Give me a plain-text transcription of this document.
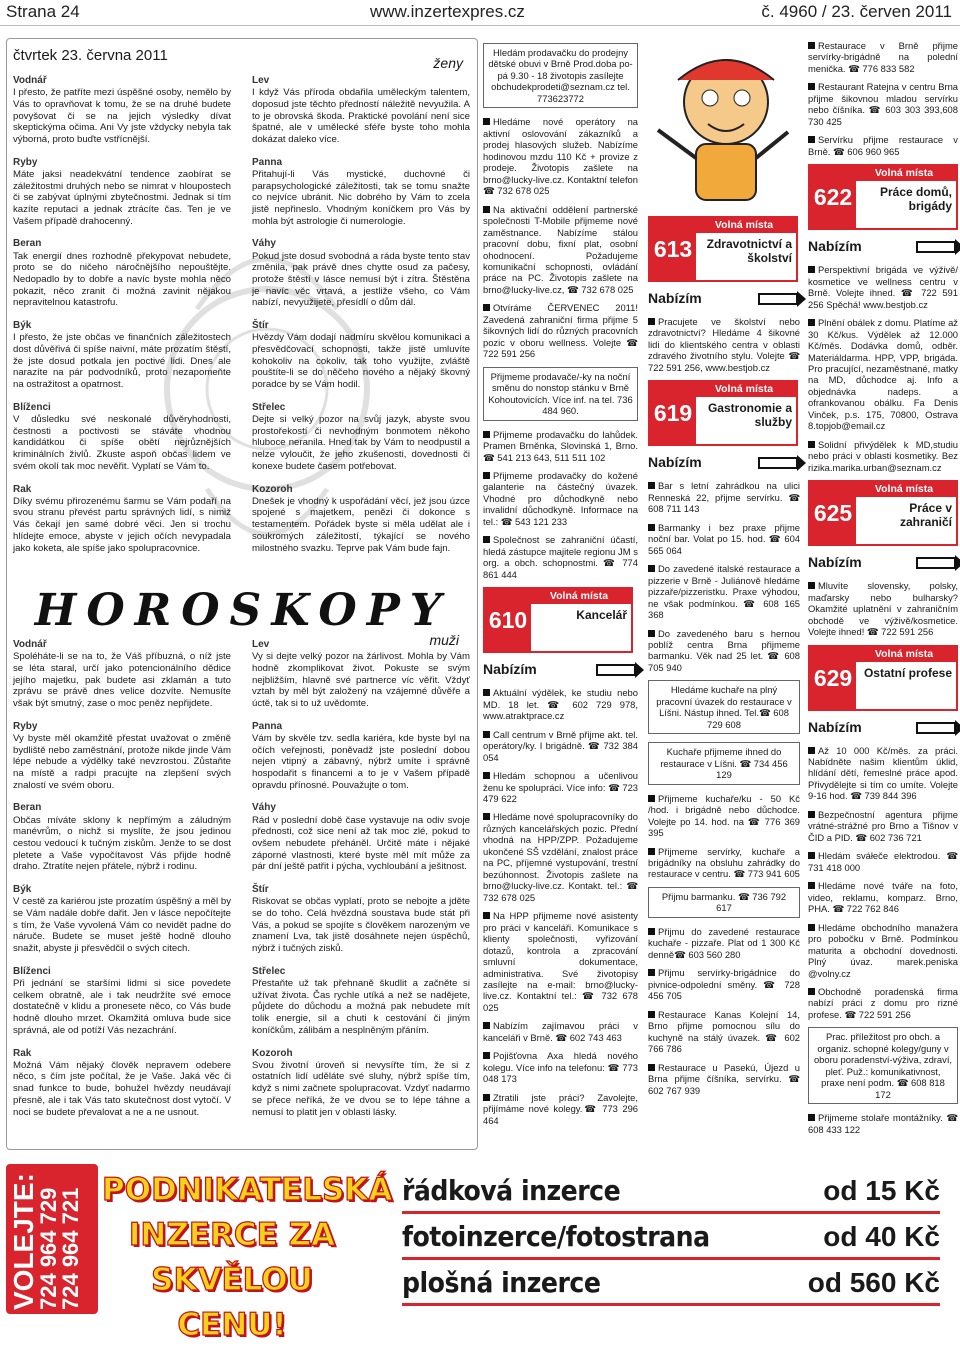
Strana 24	www.inzertexpres.cz	č. 4960 / 23. červen 2011
čtvrtek 23. června 2011	ženy
Vodnář
I přesto, že patříte mezi úspěšné osoby, nemělo by Vás to opravňovat k tomu, že se na druhé budete povyšovat či se na jejich výsledky dívat skeptickýma očima. Ani Vy jste vždycky nebyla tak výborná, proto buďte vstřícnější.
Ryby
Máte jaksi neadekvátní tendence zaobírat se záležitostmi druhých nebo se nimrat v hloupostech či se zabývat úplnými zbytečnostmi. Jednak si tím kazíte reputaci a jednak ztrácíte čas. Ten je ve Vašem případě drahocenný.
Beran
Tak energií dnes rozhodně překypovat nebudete, proto se do ničeho náročnějšího nepouštějte. Nedopadlo by to dobře a navíc byste mohla něco pokazit, něco zranit či možná zavinit nějakou nepravitelnou katastrofu.
Býk
I přesto, že jste občas ve finančních záležitostech dost důvěřivá či spíše naivní, máte prozatím štěstí, že jste dosud potkala jen poctivé lidi. Dnes ale narazíte na pár podvodníků, proto nezapomeňte na ostražitost a opatrnost.
Blíženci
V důsledku své neskonalé důvěryhodnosti, čestnosti a poctivosti se stáváte vhodnou kandidátkou či spíše obětí nejrůznějších kriminálních živlů. Zkuste aspoň občas lidem ve svém okolí tak moc nevěřit. Vyplatí se Vám to.
Rak
Díky svému přirozenému šarmu se Vám podaří na svou stranu převést partu správných lidí, s nimiž Vás čekají jen samé dobré věci. Jen si trochu hlídejte emoce, abyste v jejich očích nevypadala jako koketa, ale spíše jako spolupracovnice.
Lev
I když Vás příroda obdařila uměleckým talentem, doposud jste těchto předností náležitě nevyužila. A to je obrovská škoda. Praktické povolání není sice špatné, ale v umělecké sféře byste toho mohla dokázat daleko více.
Panna
Přitahují-li Vás mystické, duchovné či parapsychologické záležitosti, tak se tomu snažte co nejvíce ubránit. Nic dobrého by Vám to zcela jistě nepřineslo. Vhodným koníčkem pro Vás by mohla být astrologie či numerologie.
Váhy
Pokud jste dosud svobodná a ráda byste tento stav změnila, pak právě dnes chytte osud za pačesy, protože štěstí v lásce nemusí být i zítra. Štěstěna je navíc věc vrtavá, a jestliže všeho, co Vám nabízí, nevyužijete, přesídlí o dům dál.
Štír
Hvězdy Vám dodají nadmíru skvělou komunikaci a přesvědčovací schopnosti, takže jistě umluvíte kohokoliv na cokoliv, tak toho využijte, zvláště pouštíte-li se do něčeho nového a nějaký škovný poradce by se Vám hodil.
Střelec
Dejte si velký pozor na svůj jazyk, abyste svou prostořekostí či nevhodným bonmotem někoho hluboce neranila. Hned tak by Vám to neodpustil a nelze vyloučit, že jeho zkušenosti, dovednosti či konexe budete časem potřebovat.
Kozoroh
Dnešek je vhodný k uspořádání věcí, jež jsou úzce spojené s majetkem, penězi či dokonce s testamentem. Pořádek byste si měla udělat ale i soukromých záležitostí, týkající se nového milostného svazku. Teprve pak Vám bude fajn.
HOROSKOPY
muži
Vodnář
Spoléháte-li se na to, že Váš příbuzná, o níž jste se léta staral, určí jako potencionálního dědice jejího majetku, pak budete asi zklamán a tuto zprávu se právě dnes velice dozvíte. Nemusíte však být smutný, zase o moc peněz nepřijdete.
Ryby
Vy byste měl okamžitě přestat uvažovat o změně bydliště nebo zaměstnání, protože nikde jinde Vám lépe nebude a výdělky také nevzrostou. Zůstaňte na místě a radpi pracujte na zlepšení svých znalostí ve svém oboru.
Beran
Občas míváte sklony k nepřímým a záludným manévrům, o nichž si myslíte, že jsou jedinou cestou vedoucí k tučným ziskům. Jenže to se dost pletete a Vaše vypočítavost Vás přijde hodně draho. Ztratíte nejen přátele, nýbrž i rodinu.
Býk
V cestě za kariérou jste prozatím úspěšný a měl by se Vám nadále dobře dařit. Jen v lásce nepočítejte s tím, že Vaše vyvolená Vám co nevidět padne do náruče. Budete se muset ještě hodně dlouho snažit, abyste ji přesvědčil o svých citech.
Blíženci
Při jednání se staršími lidmi si sice povedete celkem obratně, ale i tak neudržíte své emoce dostatečně v klidu a pronesete něco, co Vás bude hodně dlouho mrzet. Okamžitá omluva bude sice správná, ale od potíží Vás nezachrání.
Rak
Možná Vám nějaký člověk nepravem odebere něco, s čím jste počítal, že je Vaše. Jaká věc či snad funkce to bude, bohužel hvězdy neudávají přesně, ale i tak Vás tato skutečnost dost vytočí. V noci se budete převalovat a ne a ne usnout.
Lev
Vy si dejte velký pozor na žárlivost. Mohla by Vám hodně zkomplikovat život. Pokuste se svým nejbližším, hlavně své partnerce víc věřit. Vždyť vztah by měl být založený na vzájemné důvěře a úctě, tak si to už uvědomte.
Panna
Vám by skvěle tzv. sedla kariéra, kde byste byl na očích veřejnosti, poněvadž jste poslední dobou nejen vtipný a zábavný, nýbrž umíte i správně hospodařit s financemi a to je v Vašem případě opravdu přínosné. Pouvažujte o tom.
Váhy
Rád v poslední době čase vystavuje na odiv svoje přednosti, což sice není až tak moc zlé, pokud to ovšem nebudete přeháněl. Určitě máte i nějaké záporné vlastnosti, které byste měl mít může za pár dní ještě patřit i pýcha, vychloubání a ješitnost.
Štír
Riskovat se občas vyplatí, proto se nebojte a jděte se do toho. Celá hvězdná soustava bude stát při Vás, a pokud se spojíte s člověkem narozeným ve znamení Lva, tak jistě dosáhnete nejen úspěchů, nýbrž i tučných zisků.
Střelec
Přestaňte už tak přehnaně škudlit a začněte si užívat života. Čas rychle utíká a než se nadějete, půjdete do důchodu a možná pak nebudete mít tolik energie, sil a chuti k cestování či jiným koníčkům, zálibám a nesplněným přáním.
Kozoroh
Svou životní úroveň si nevysířte tím, že si z ostatních lidí uděláte své sluhy, nýbrž spíše tím, když s nimi začnete spolupracovat. Vzdyť nadarmo se přece neříká, že ve dvou se to lépe táhne a nemusí to platit jen v oblasti lásky.
Hledám prodavačku do prodejny dětské obuvi v Brně Prod.doba po-pá 9.30 - 18 životopis zasílejte obchudekprodeti@seznam.cz tel. 773623772
Hledáme nové operátory na aktivní oslovování zákazníků a prodej hlasových služeb. Nabízíme hodinovou mzdu 110 Kč + provize z prodeje. Životopis zašlete na brno@lucky-live.cz. Kontaktní telefon ☎ 732 678 025
Na aktivační oddělení partnerské společnosti T-Mobile přijmeme nové zaměstnance. Nabízíme stálou pracovní dobu, fixní plat, osobní ohodnocení. Požadujeme komunikační schopnosti, ovládání práce na PC. Životopis zašlete na brno@lucky-live.cz, ☎ 732 678 025
Otvíráme ČERVENEC 2011! Zavedená zahraniční firma přijme 5 šikovných lidí do různých pracovních pozic v oboru wellness. Volejte ☎ 722 591 256
Přijmeme prodavače/-ky na noční směnu do nonstop stánku v Brně Kohoutovicích. Více inf. na tel. 736 484 960.
Přijmeme prodavačku do lahůdek. Pramen Brněnka, Slovinská 1, Brno. ☎ 541 213 643, 511 511 102
Přijmeme prodavačky do kožené galanterie na částečný úvazek. Vhodné pro důchodkyně nebo invalidní důchodkyně. Informace na tel.: ☎ 543 121 233
Společnost se zahraniční účastí, hledá zástupce majitele regionu JM s org. a obch. schopnostmi. ☎ 774 861 444
610
Volná místa
Kancelář
Nabízím
Aktuální výdělek, ke studiu nebo MD. 18 let. ☎ 602 729 978, www.atraktprace.cz
Call centrum v Brně přijme akt. tel. operátory/ky. I brigádně. ☎ 732 384 054
Hledám schopnou a učenlivou ženu ke spolupráci. Více info: ☎ 723 479 622
Hledáme nové spolupracovníky do různých kancelářských pozic. Přední vhodná na HPP/ZPP. Požadujeme ukončené SŠ vzdělání, znalost práce na PC, příjemné vystupování, trestní bezúhonnost. Životopis zašlete na brno@lucky-live.cz. Kontakt. tel.: ☎ 732 678 025
Na HPP přijmeme nové asistenty pro práci v kanceláři. Komunikace s klienty společnosti, vyřizování dotazů, kontrola a zpracování smluvní dokumentace, administrativa. Své životopisy zasílejte na e-mail: brno@lucky-live.cz. Kontaktní tel.: ☎ 732 678 025
Nabízím zajímavou práci v kanceláři v Brně. ☎ 602 743 463
Pojišťovna Axa hledá nového kolegu. Více info na telefonu: ☎ 773 048 173
Ztratili jste práci? Zavolejte, přijímáme nové kolegy.☎ 773 296 464
613
Volná místa
Zdravotnictví a školství
Nabízím
Pracujete ve školství nebo zdravotnictví? Hledáme 4 šikovné lidi do klientského centra v oblasti zdravého životního stylu. Volejte ☎ 722 591 256, www.bestjob.cz
619
Volná místa
Gastronomie a služby
Nabízím
Bar s letní zahrádkou na ulici Renneská 22, přijme servírku. ☎ 608 711 143
Barmanky i bez praxe přijme noční bar. Volat po 15. hod. ☎ 604 565 064
Do zavedené italské restaurace a pizzerie v Brně - Juliánově hledáme pizzaře/pizzeristku. Praxe výhodou, ne však podmínkou. ☎ 608 165 368
Do zavedeného baru s hernou poblíž centra Brna přijmeme barmanku. Věk nad 25 let. ☎ 608 705 940
Hledáme kuchaře na plný pracovní úvazek do restaurace v Líšni. Nástup ihned. Tel.☎ 608 729 608
Kuchaře přijmeme ihned do restaurace v Líšni. ☎ 734 456 129
Přijmeme kuchaře/ku - 50 Kč /hod. i brigádně nebo důchodce. Volejte po 14. hod. na ☎ 776 369 395
Přijmeme servírky, kuchaře a brigádníky na obsluhu zahrádky do restaurace v centru. ☎ 773 941 605
Přijmu barmanku. ☎ 736 792 617
Přijmu do zavedené restaurace kuchaře - pizzaře. Plat od 1 300 Kč denně☎ 603 560 280
Přijmu servírky-brigádnice do pivnice-odpolední směny. ☎ 728 456 705
Restaurace Kanas Kolejní 14, Brno přijme pomocnou sílu do kuchyně na stálý úvazek. ☎ 602 766 786
Restaurace u Pasekú, Újezd u Brna přijme číšníka, servírku. ☎ 602 767 939
Restaurace v Brně přijme servírky-brigádně na polední menička. ☎ 776 833 582
Restaurant Ratejna v centru Brna přijme šikovnou mladou servírku nebo číšníka. ☎ 603 303 393,608 730 425
Servírku přijme restaurace v Brně. ☎ 606 960 965
622
Volná místa
Práce domů, brigády
Nabízím
Perspektivní brigáda ve výživě/ kosmetice ve wellness centru v Brně. Volejte ihned. ☎ 722 591 256 Spěchá! www.bestjob.cz
Plnění obálek z domu. Platíme až 30 Kč/kus. Výdělek až 12.000 Kč/měs. Dodávka domů, odběr. Materiáldarma. HPP, VPP, brigáda. Pro pracující, nezaměstnané, matky na MD, důchodce aj. Info a objednávka nadeps. a ofrankovanou obálku. Fa Denis Vinček, p.s. 175, 70800, Ostrava 8.topjob@email.cz
Solidní přivýdělek k MD,studiu nebo práci v oblasti kosmetiky. Bez rizika.marika.urban@seznam.cz
625
Volná místa
Práce v zahraničí
Nabízím
Mluvíte slovensky, polsky, maďarsky nebo bulharsky? Okamžité uplatnění v zahraničním obchodě ve výživě/kosmetice. Volejte ihned! ☎ 722 591 256
629
Volná místa
Ostatní profese
Nabízím
Až 10 000 Kč/měs. za práci. Nabídněte našim klientům úklid, hlídání dětí, řemeslné práce apod. Přivydělejte si tím co umíte. Volejte 9-16 hod. ☎ 739 844 396
Bezpečnostní agentura přijme vrátné-strážné pro Brno a Tišnov v ČID a PID. ☎ 602 736 721
Hledám sváłeče elektrodou. ☎ 731 418 000
Hledáme nové tváře na foto, video, reklamu, komparz. Brno, PHA. ☎ 722 762 846
Hledáme obchodního manažera pro pobočku v Brně. Podmínkou maturita a obchodní dovednosti. Plný úvaz. marek.peniska @volny.cz
Obchodně poradenská firma nabízí práci z domu pro rizné profese. ☎ 722 591 256
Prac. příležitost pro obch. a organiz. schopné kolegy/guny v oboru poradenství-výživa, zdraví, pleť. Puž.: komunikativnost, praxe není podm. ☎ 608 818 172
Přijmeme stolaře montážníky. ☎ 608 433 122
VOLEJTE:
724 964 729
724 964 721 PODNIKATELSKÁ
INZERCE ZA
SKVĚLOU CENU!
řádková inzerce	od 15 Kč
fotoinzerce/fotostrana	od 40 Kč
plošná inzerce	od 560 Kč
